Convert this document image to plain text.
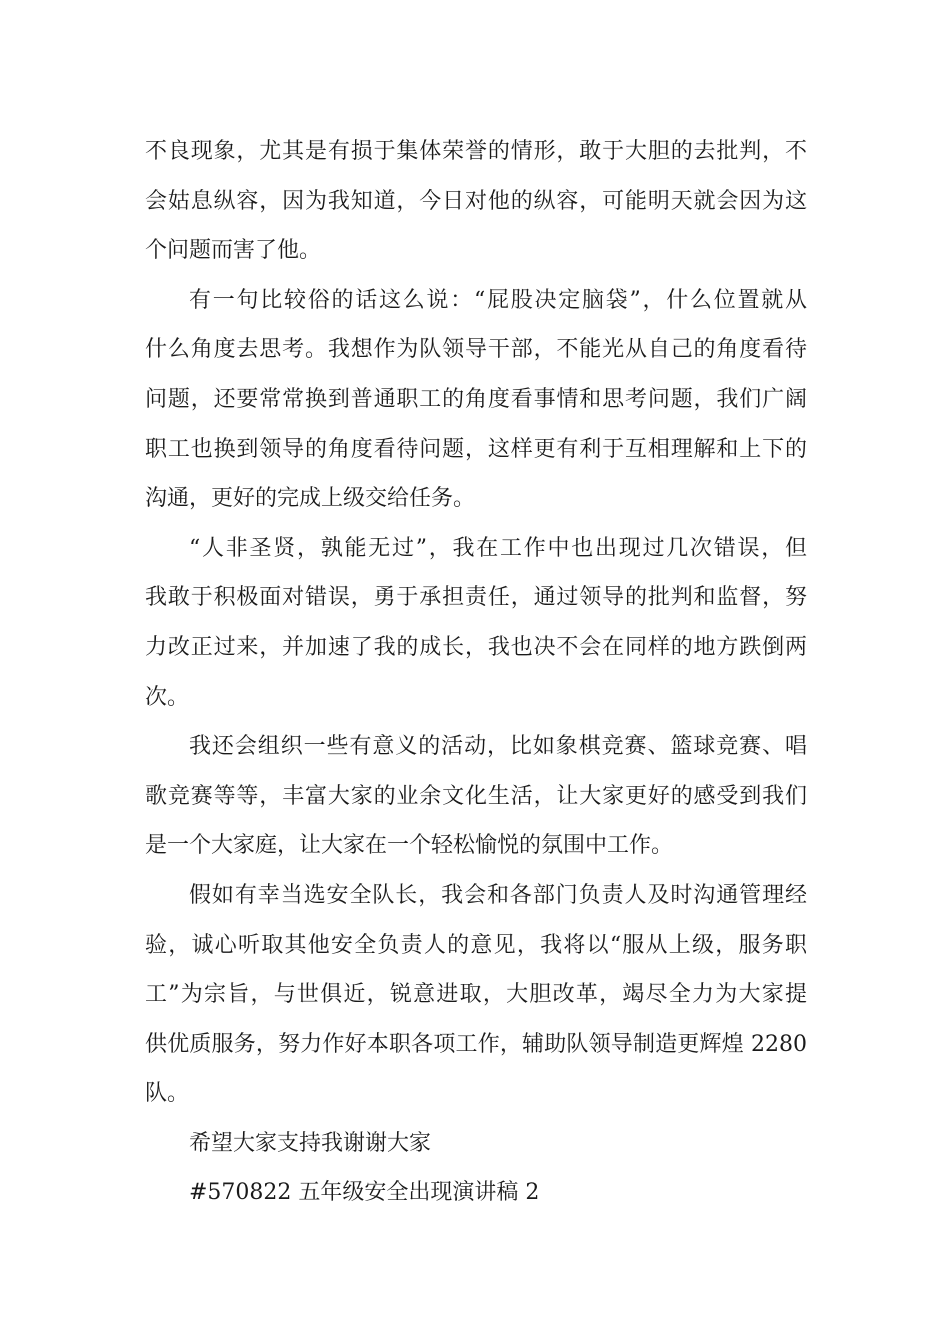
不良现象，尤其是有损于集体荣誉的情形，敢于大胆的去批判，不
会姑息纵容，因为我知道，今日对他的纵容，可能明天就会因为这
个问题而害了他。
有一句比较俗的话这么说：“屁股决定脑袋”，什么位置就从
什么角度去思考。我想作为队领导干部，不能光从自己的角度看待
问题，还要常常换到普通职工的角度看事情和思考问题，我们广阔
职工也换到领导的角度看待问题，这样更有利于互相理解和上下的
沟通，更好的完成上级交给任务。
“人非圣贤，孰能无过”，我在工作中也出现过几次错误，但
我敢于积极面对错误，勇于承担责任，通过领导的批判和监督，努
力改正过来，并加速了我的成长，我也决不会在同样的地方跌倒两
次。
我还会组织一些有意义的活动，比如象棋竞赛、篮球竞赛、唱
歌竞赛等等，丰富大家的业余文化生活，让大家更好的感受到我们
是一个大家庭，让大家在一个轻松愉悦的氛围中工作。
假如有幸当选安全队长，我会和各部门负责人及时沟通管理经
验，诚心听取其他安全负责人的意见，我将以“服从上级，服务职
工”为宗旨，与世俱近，锐意进取，大胆改革，竭尽全力为大家提
供优质服务，努力作好本职各项工作，辅助队领导制造更辉煌 2280
队。
希望大家支持我谢谢大家
#570822 五年级安全出现演讲稿 2
